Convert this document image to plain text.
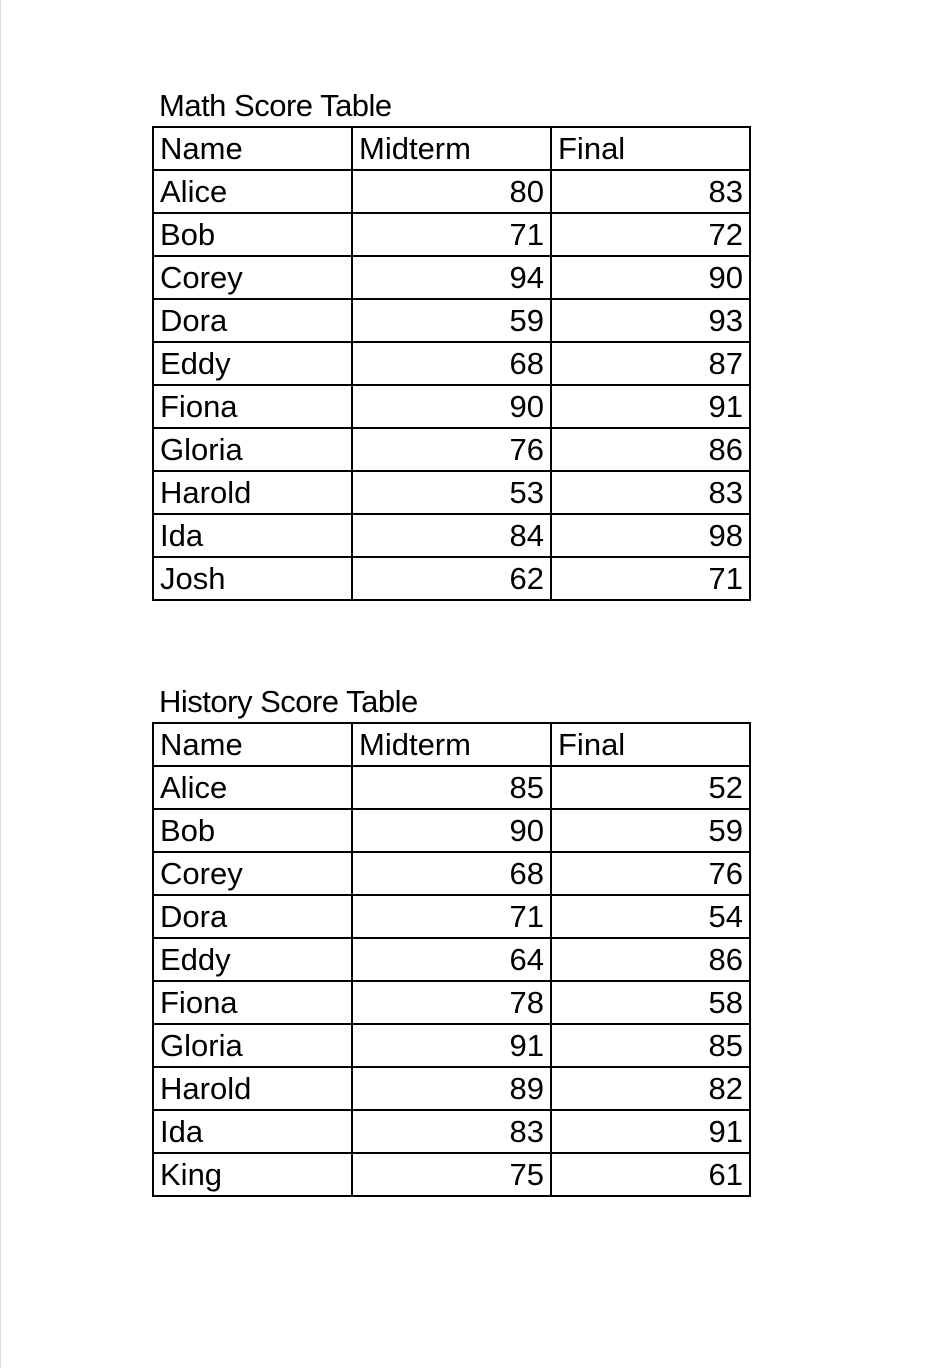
Math Score Table
Name	Midterm	Final
Alice	80	83
Bob	71	72
Corey	94	90
Dora	59	93
Eddy	68	87
Fiona	90	91
Gloria	76	86
Harold	53	83
Ida	84	98
Josh	62	71
History Score Table
Name	Midterm	Final
Alice	85	52
Bob	90	59
Corey	68	76
Dora	71	54
Eddy	64	86
Fiona	78	58
Gloria	91	85
Harold	89	82
Ida	83	91
King	75	61
